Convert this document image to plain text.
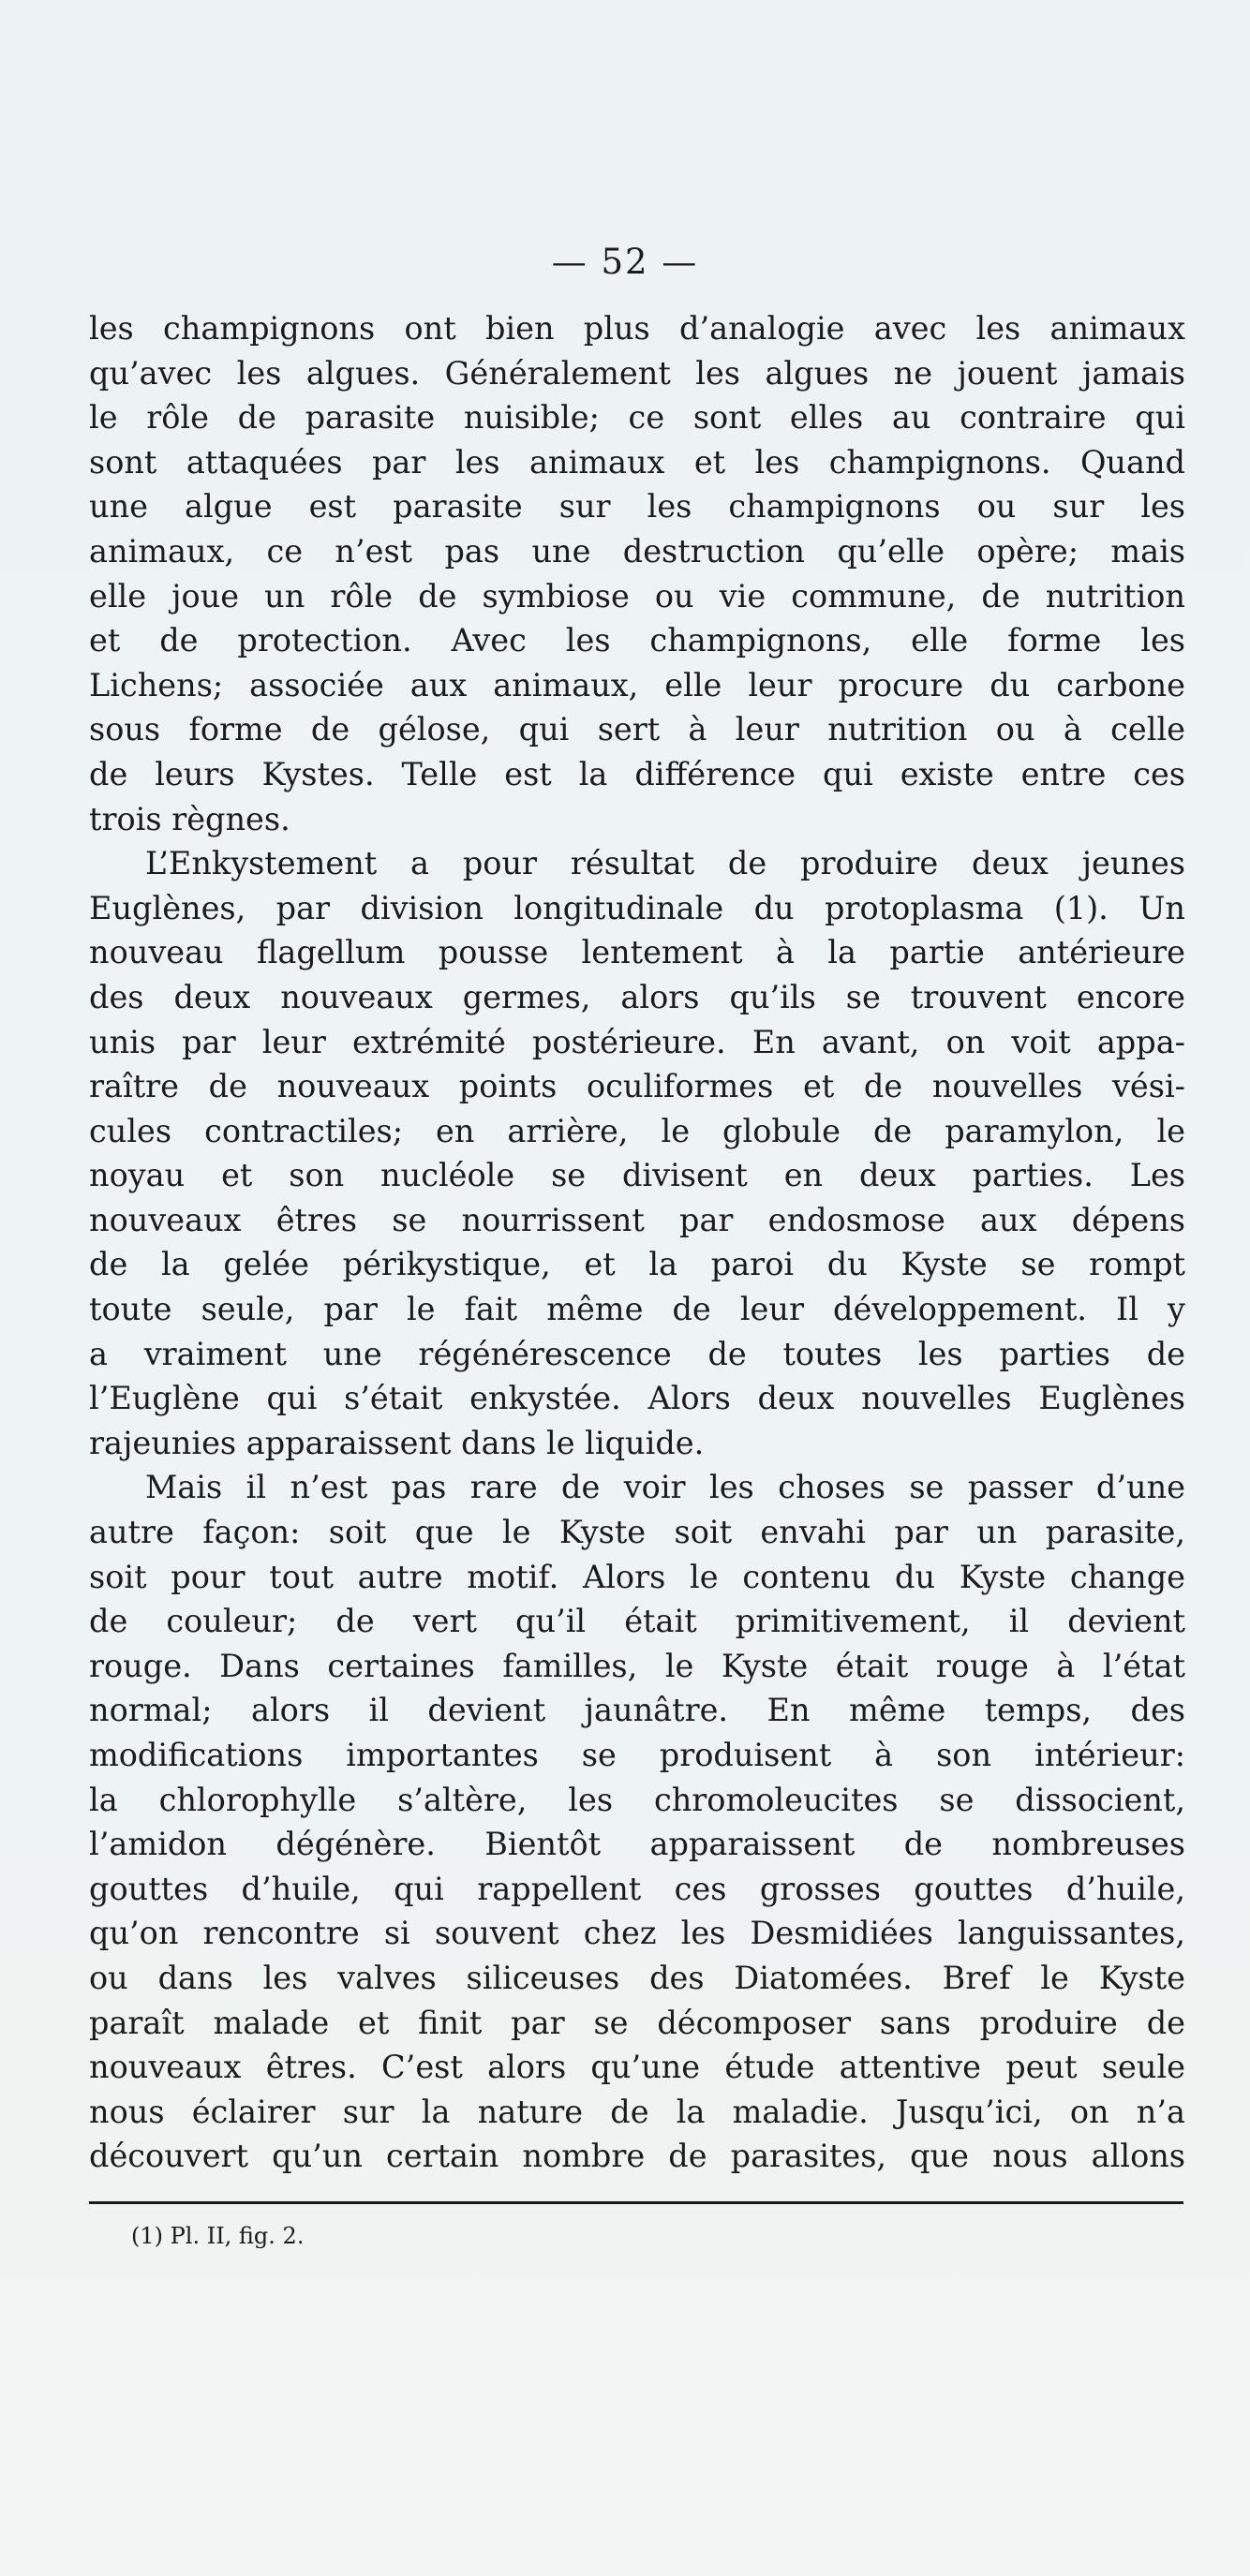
— 52 —

les champignons ont bien plus d’analogie avec les animaux
qu’avec les algues. Généralement les algues ne jouent jamais
le rôle de parasite nuisible; ce sont elles au contraire qui
sont attaquées par les animaux et les champignons. Quand
une algue est parasite sur les champignons ou sur les
animaux, ce n’est pas une destruction qu’elle opère; mais
elle joue un rôle de symbiose ou vie commune, de nutrition
et de protection. Avec les champignons, elle forme les
Lichens; associée aux animaux, elle leur procure du carbone
sous forme de gélose, qui sert à leur nutrition ou à celle
de leurs Kystes. Telle est la différence qui existe entre ces
trois règnes.

L’Enkystement a pour résultat de produire deux jeunes
Euglènes, par division longitudinale du protoplasma (1). Un
nouveau flagellum pousse lentement à la partie antérieure
des deux nouveaux germes, alors qu’ils se trouvent encore
unis par leur extrémité postérieure. En avant, on voit appa-
raître de nouveaux points oculiformes et de nouvelles vési-
cules contractiles; en arrière, le globule de paramylon, le
noyau et son nucléole se divisent en deux parties. Les
nouveaux êtres se nourrissent par endosmose aux dépens
de la gelée périkystique, et la paroi du Kyste se rompt
toute seule, par le fait même de leur développement. Il y
a vraiment une régénérescence de toutes les parties de
l’Euglène qui s’était enkystée. Alors deux nouvelles Euglènes
rajeunies apparaissent dans le liquide.

Mais il n’est pas rare de voir les choses se passer d’une
autre façon: soit que le Kyste soit envahi par un parasite,
soit pour tout autre motif. Alors le contenu du Kyste change
de couleur; de vert qu’il était primitivement, il devient
rouge. Dans certaines familles, le Kyste était rouge à l’état
normal; alors il devient jaunâtre. En même temps, des
modifications importantes se produisent à son intérieur:
la chlorophylle s’altère, les chromoleucites se dissocient,
l’amidon dégénère. Bientôt apparaissent de nombreuses
gouttes d’huile, qui rappellent ces grosses gouttes d’huile,
qu’on rencontre si souvent chez les Desmidiées languissantes,
ou dans les valves siliceuses des Diatomées. Bref le Kyste
paraît malade et finit par se décomposer sans produire de
nouveaux êtres. C’est alors qu’une étude attentive peut seule
nous éclairer sur la nature de la maladie. Jusqu’ici, on n’a
découvert qu’un certain nombre de parasites, que nous allons

(1) Pl. II, fig. 2.
